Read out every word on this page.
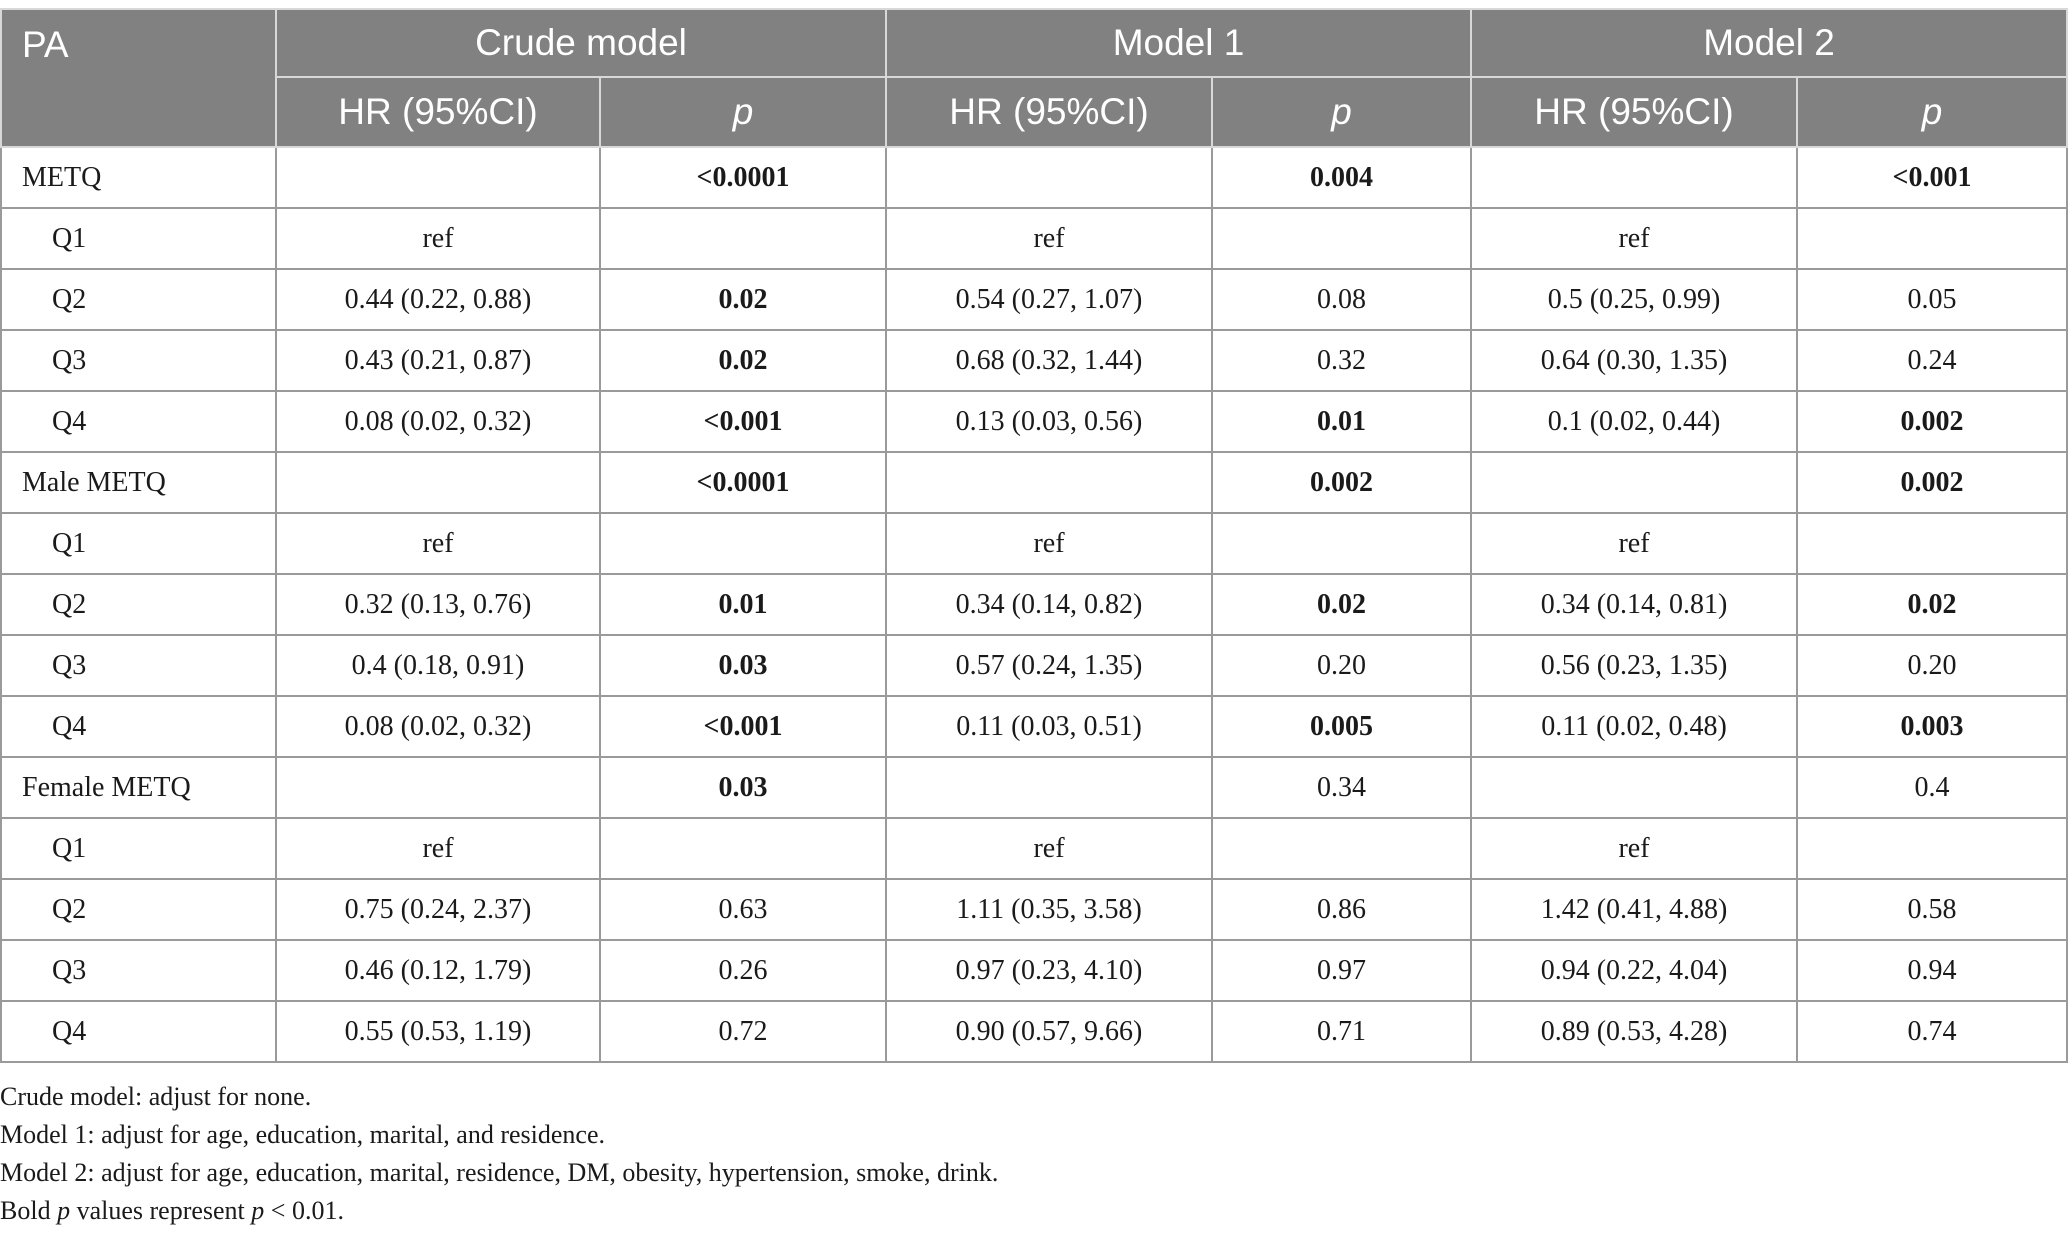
PA	Crude model		Model 1		Model 2	
	HR (95%CI)	p	HR (95%CI)	p	HR (95%CI)	p
METQ		<0.0001		0.004		<0.001
Q1	ref		ref		ref	
Q2	0.44 (0.22, 0.88)	0.02	0.54 (0.27, 1.07)	0.08	0.5 (0.25, 0.99)	0.05
Q3	0.43 (0.21, 0.87)	0.02	0.68 (0.32, 1.44)	0.32	0.64 (0.30, 1.35)	0.24
Q4	0.08 (0.02, 0.32)	<0.001	0.13 (0.03, 0.56)	0.01	0.1 (0.02, 0.44)	0.002
Male METQ		<0.0001		0.002		0.002
Q1	ref		ref		ref	
Q2	0.32 (0.13, 0.76)	0.01	0.34 (0.14, 0.82)	0.02	0.34 (0.14, 0.81)	0.02
Q3	0.4 (0.18, 0.91)	0.03	0.57 (0.24, 1.35)	0.20	0.56 (0.23, 1.35)	0.20
Q4	0.08 (0.02, 0.32)	<0.001	0.11 (0.03, 0.51)	0.005	0.11 (0.02, 0.48)	0.003
Female METQ		0.03		0.34		0.4
Q1	ref		ref		ref	
Q2	0.75 (0.24, 2.37)	0.63	1.11 (0.35, 3.58)	0.86	1.42 (0.41, 4.88)	0.58
Q3	0.46 (0.12, 1.79)	0.26	0.97 (0.23, 4.10)	0.97	0.94 (0.22, 4.04)	0.94
Q4	0.55 (0.53, 1.19)	0.72	0.90 (0.57, 9.66)	0.71	0.89 (0.53, 4.28)	0.74
Crude model: adjust for none.
Model 1: adjust for age, education, marital, and residence.
Model 2: adjust for age, education, marital, residence, DM, obesity, hypertension, smoke, drink.
Bold p values represent p < 0.01.
